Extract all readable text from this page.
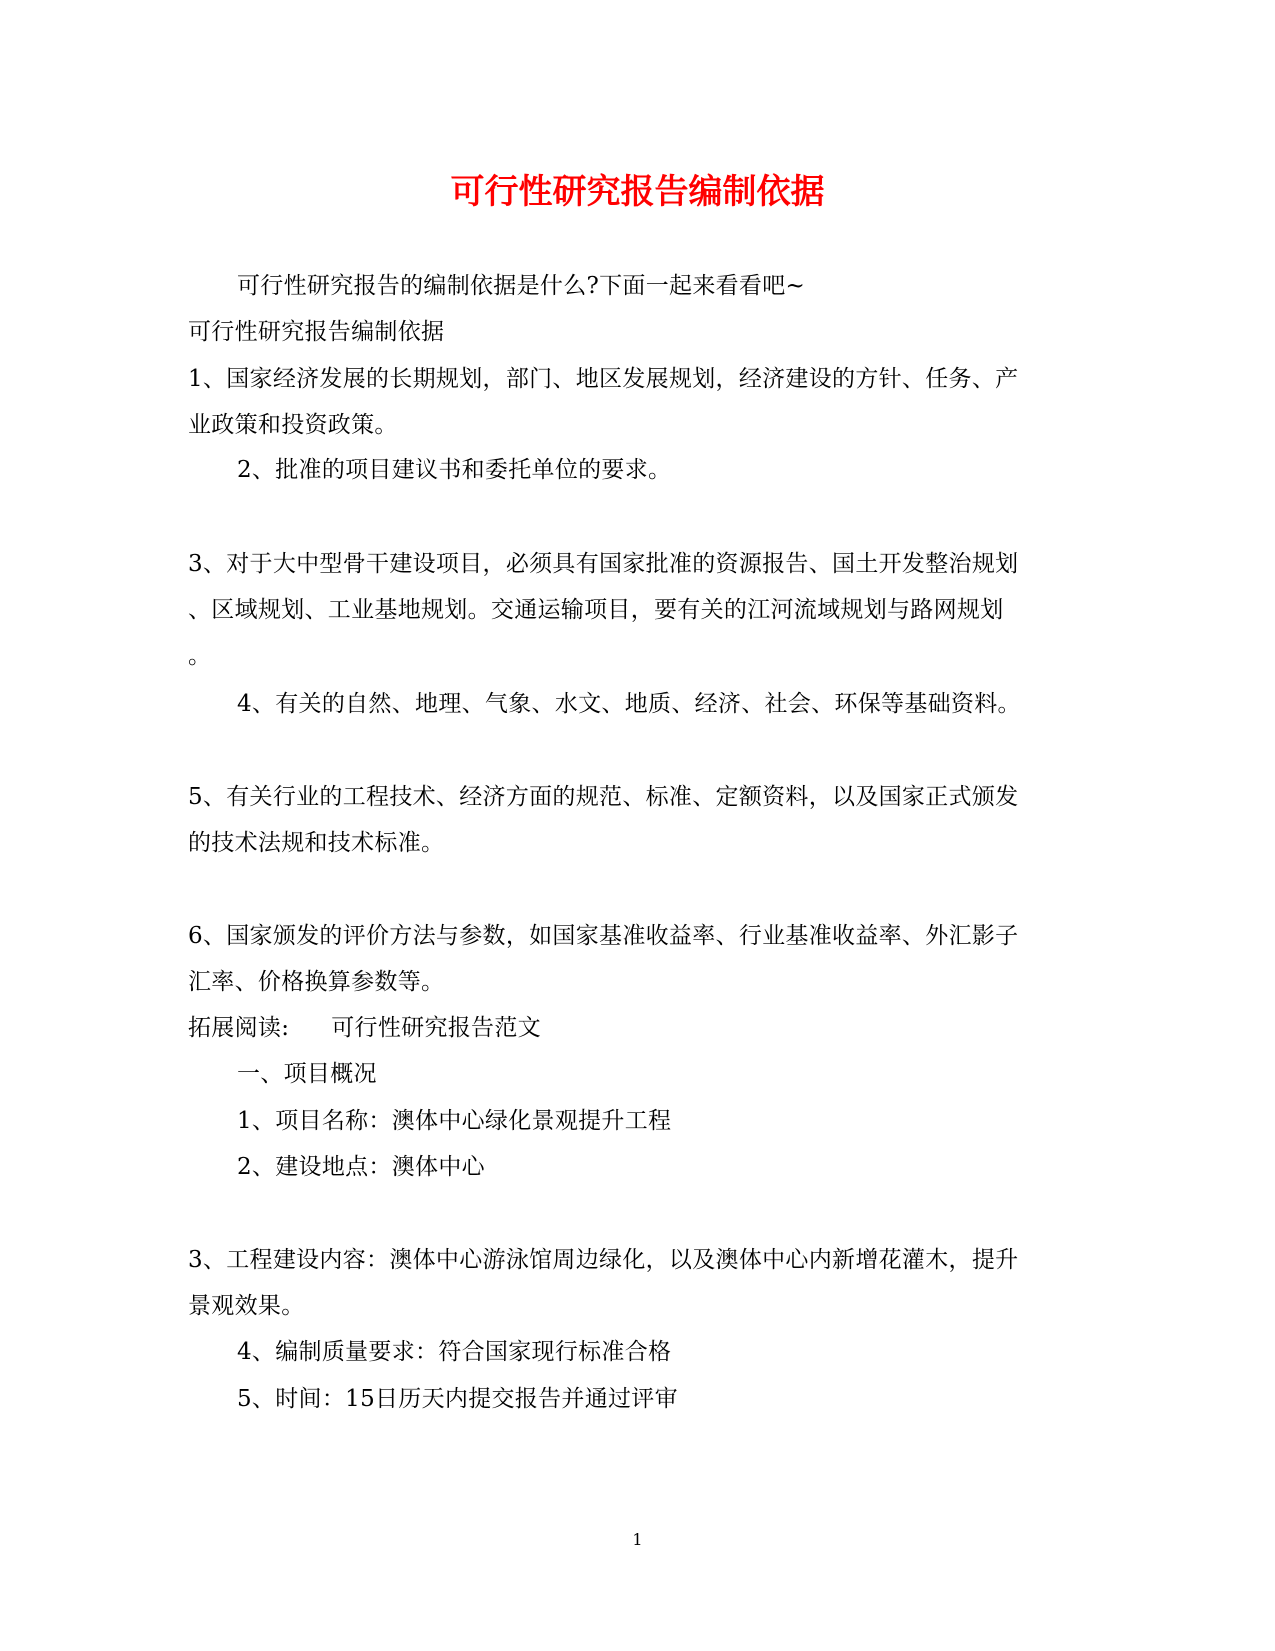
可行性研究报告编制依据
可行性研究报告的编制依据是什么?下面一起来看看吧~
可行性研究报告编制依据
1、国家经济发展的长期规划，部门、地区发展规划，经济建设的方针、任务、产
业政策和投资政策。
2、批准的项目建议书和委托单位的要求。
3、对于大中型骨干建设项目，必须具有国家批准的资源报告、国土开发整治规划
、区域规划、工业基地规划。交通运输项目，要有关的江河流域规划与路网规划
。
4、有关的自然、地理、气象、水文、地质、经济、社会、环保等基础资料。
5、有关行业的工程技术、经济方面的规范、标准、定额资料，以及国家正式颁发
的技术法规和技术标准。
6、国家颁发的评价方法与参数，如国家基准收益率、行业基准收益率、外汇影子
汇率、价格换算参数等。
拓展阅读: 可行性研究报告范文
一、项目概况
1、项目名称：澳体中心绿化景观提升工程
2、建设地点：澳体中心
3、工程建设内容：澳体中心游泳馆周边绿化，以及澳体中心内新增花灌木，提升
景观效果。
4、编制质量要求：符合国家现行标准合格
5、时间：15日历天内提交报告并通过评审
1
